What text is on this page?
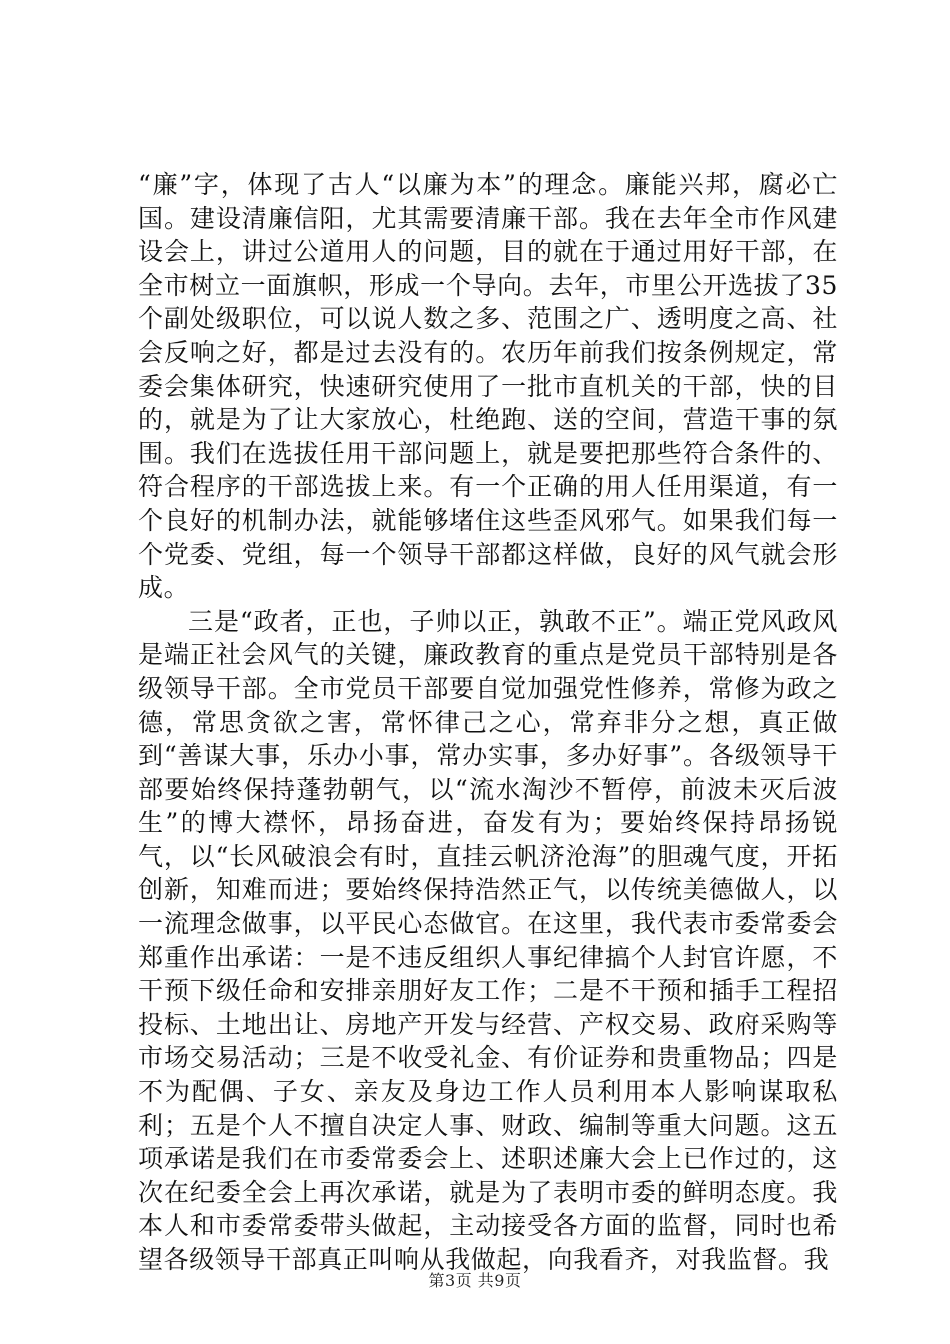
“廉”字，体现了古人“以廉为本”的理念。廉能兴邦，腐必亡国。建设清廉信阳，尤其需要清廉干部。我在去年全市作风建设会上，讲过公道用人的问题，目的就在于通过用好干部，在全市树立一面旗帜，形成一个导向。去年，市里公开选拔了35个副处级职位，可以说人数之多、范围之广、透明度之高、社会反响之好，都是过去没有的。农历年前我们按条例规定，常委会集体研究，快速研究使用了一批市直机关的干部，快的目的，就是为了让大家放心，杜绝跑、送的空间，营造干事的氛围。我们在选拔任用干部问题上，就是要把那些符合条件的、符合程序的干部选拔上来。有一个正确的用人任用渠道，有一个良好的机制办法，就能够堵住这些歪风邪气。如果我们每一个党委、党组，每一个领导干部都这样做，良好的风气就会形成。

三是“政者，正也，子帅以正，孰敢不正”。端正党风政风是端正社会风气的关键，廉政教育的重点是党员干部特别是各级领导干部。全市党员干部要自觉加强党性修养，常修为政之德，常思贪欲之害，常怀律己之心，常弃非分之想，真正做到“善谋大事，乐办小事，常办实事，多办好事”。各级领导干部要始终保持蓬勃朝气，以“流水淘沙不暂停，前波未灭后波生”的博大襟怀，昂扬奋进，奋发有为；要始终保持昂扬锐气，以“长风破浪会有时，直挂云帆济沧海”的胆魂气度，开拓创新，知难而进；要始终保持浩然正气，以传统美德做人，以一流理念做事，以平民心态做官。在这里，我代表市委常委会郑重作出承诺：一是不违反组织人事纪律搞个人封官许愿，不干预下级任命和安排亲朋好友工作；二是不干预和插手工程招投标、土地出让、房地产开发与经营、产权交易、政府采购等市场交易活动；三是不收受礼金、有价证券和贵重物品；四是不为配偶、子女、亲友及身边工作人员利用本人影响谋取私利；五是个人不擅自决定人事、财政、编制等重大问题。这五项承诺是我们在市委常委会上、述职述廉大会上已作过的，这次在纪委全会上再次承诺，就是为了表明市委的鲜明态度。我本人和市委常委带头做起，主动接受各方面的监督，同时也希望各级领导干部真正叫响从我做起，向我看齐，对我监督。我

第3页 共9页
